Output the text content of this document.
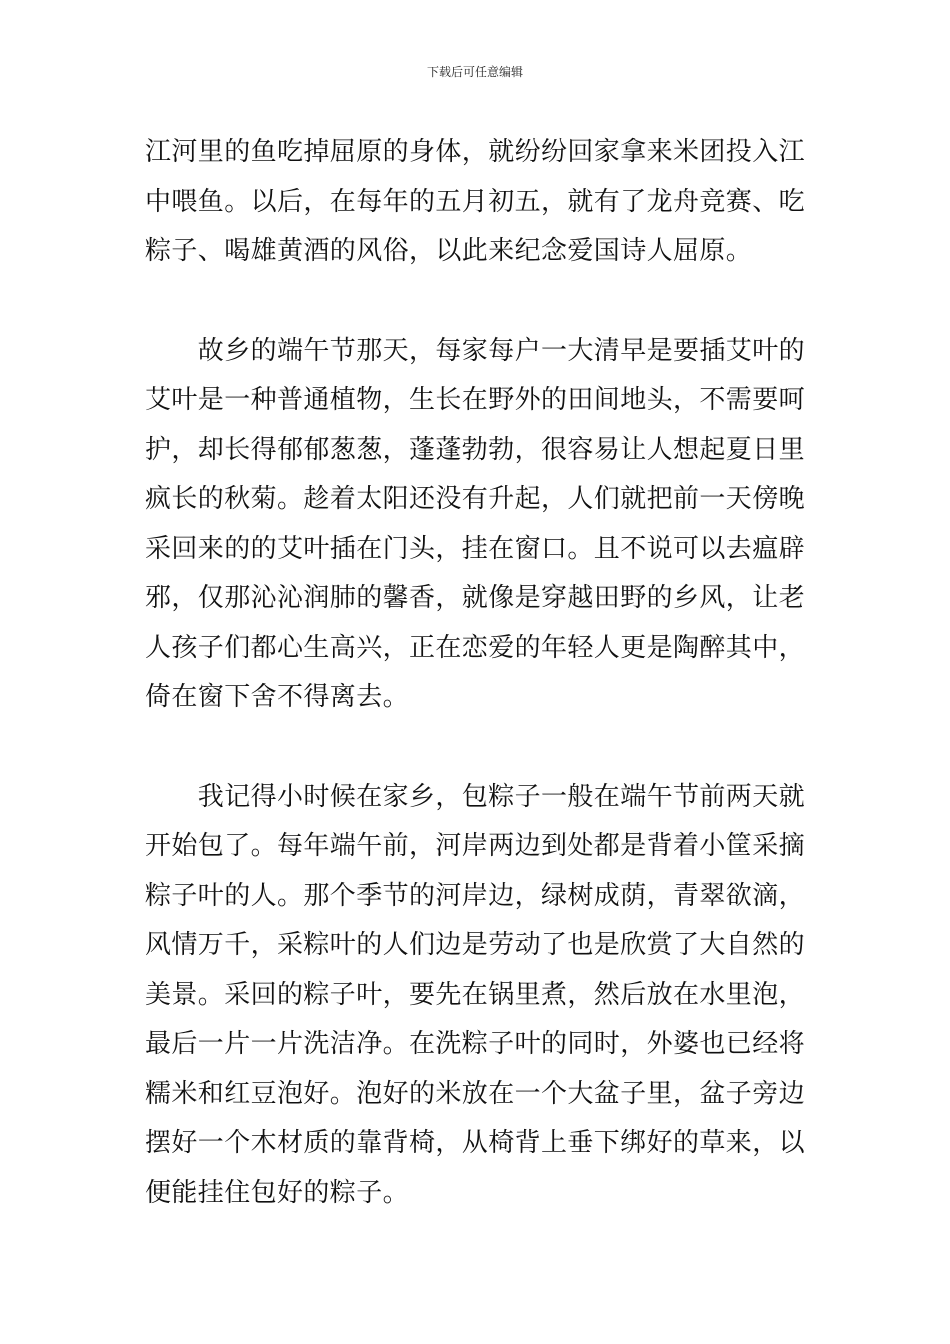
下载后可任意编辑
江河里的鱼吃掉屈原的身体，就纷纷回家拿来米团投入江
中喂鱼。以后，在每年的五月初五，就有了龙舟竞赛、吃
粽子、喝雄黄酒的风俗，以此来纪念爱国诗人屈原。
　　故乡的端午节那天，每家每户一大清早是要插艾叶的
艾叶是一种普通植物，生长在野外的田间地头，不需要呵
护，却长得郁郁葱葱，蓬蓬勃勃，很容易让人想起夏日里
疯长的秋菊。趁着太阳还没有升起，人们就把前一天傍晚
采回来的的艾叶插在门头，挂在窗口。且不说可以去瘟辟
邪，仅那沁沁润肺的馨香，就像是穿越田野的乡风，让老
人孩子们都心生高兴，正在恋爱的年轻人更是陶醉其中，
倚在窗下舍不得离去。
　　我记得小时候在家乡，包粽子一般在端午节前两天就
开始包了。每年端午前，河岸两边到处都是背着小筐采摘
粽子叶的人。那个季节的河岸边，绿树成荫，青翠欲滴，
风情万千，采粽叶的人们边是劳动了也是欣赏了大自然的
美景。采回的粽子叶，要先在锅里煮，然后放在水里泡，
最后一片一片洗洁净。在洗粽子叶的同时，外婆也已经将
糯米和红豆泡好。泡好的米放在一个大盆子里，盆子旁边
摆好一个木材质的靠背椅，从椅背上垂下绑好的草来，以
便能挂住包好的粽子。
